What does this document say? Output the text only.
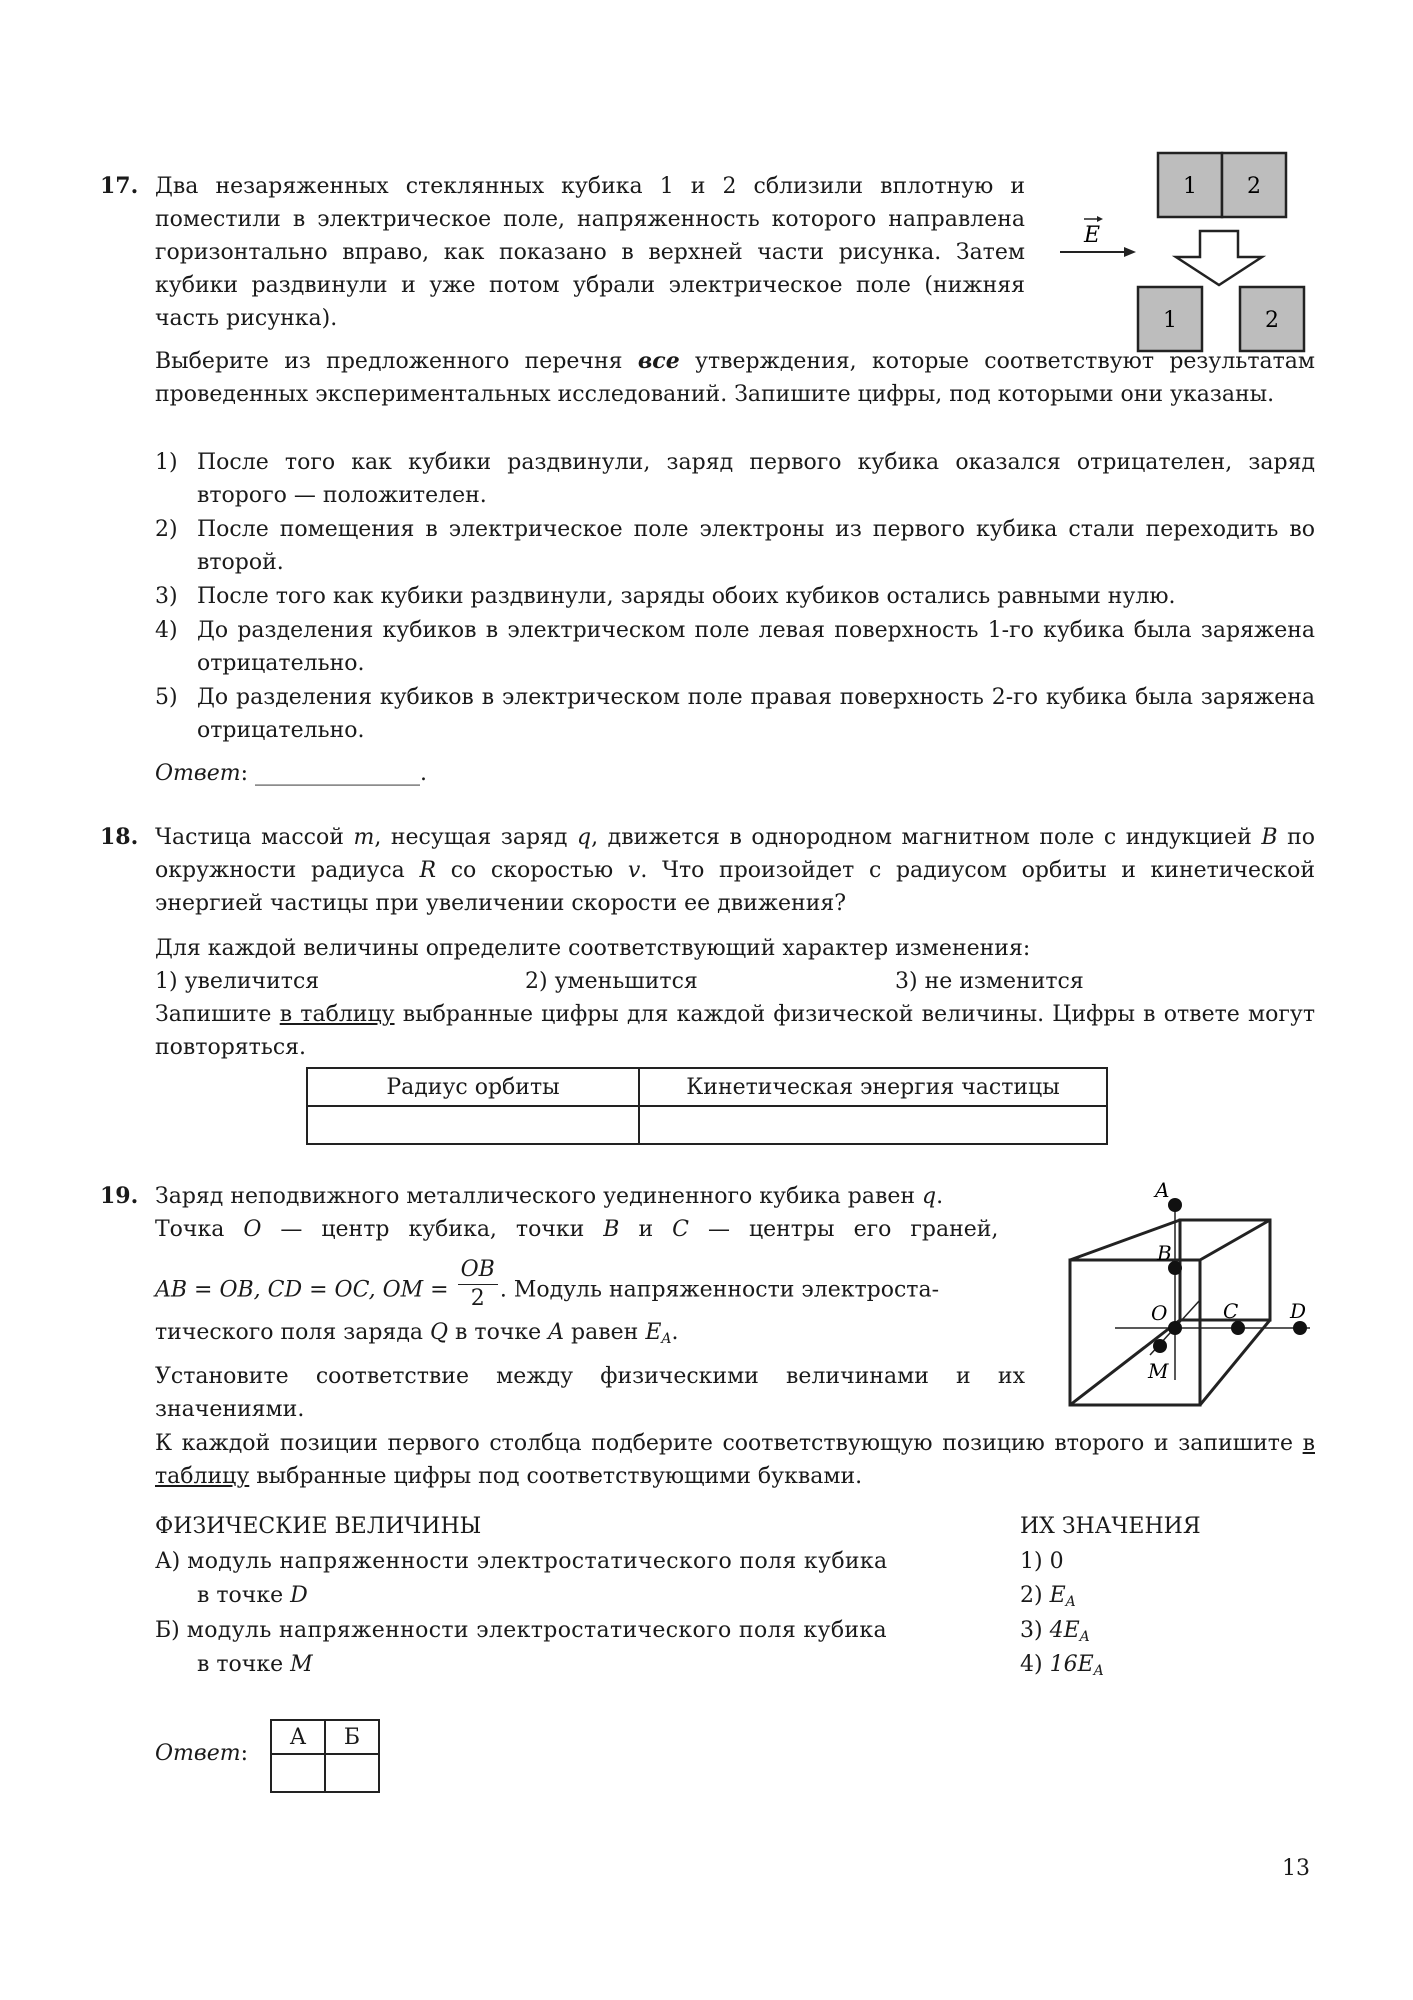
17. Два незаряженных стеклянных кубика 1 и 2 сблизили вплотную и поместили в электрическое поле, напряженность которого направлена горизонтально вправо, как показано в верхней части рисунка. Затем кубики раздвинули и уже потом убрали электрическое поле (нижняя часть рисунка).
1 2
E
1	2
Выберите из предложенного перечня все утверждения, которые соответствуют результатам проведенных экспериментальных исследований. Запишите цифры, под которыми они указаны.
1) После того как кубики раздвинули, заряд первого кубика оказался отрицателен, заряд второго — положителен.
2) После помещения в электрическое поле электроны из первого кубика стали переходить во второй.
3) После того как кубики раздвинули, заряды обоих кубиков остались равными нулю.
4) До разделения кубиков в электрическом поле левая поверхность 1-го кубика была заряжена отрицательно.
5) До разделения кубиков в электрическом поле правая поверхность 2-го кубика была заряжена отрицательно.
Ответ: _______________.
18. Частица массой m, несущая заряд q, движется в однородном магнитном поле с индукцией B по окружности радиуса R со скоростью v. Что произойдет с радиусом орбиты и кинетической энергией частицы при увеличении скорости ее движения?
Для каждой величины определите соответствующий характер изменения:
1) увеличится	2) уменьшится	3) не изменится
Запишите в таблицу выбранные цифры для каждой физической величины. Цифры в ответе могут повторяться.
Радиус орбиты	Кинетическая энергия частицы

19. Заряд неподвижного металлического уединенного кубика равен q.
Точка O — центр кубика, точки B и C — центры его граней,
AB = OB, CD = OC, OM = $\frac{OB}{2}$ . Модуль напряженности электроста-
тического поля заряда Q в точке A равен $E_A$.
Установите соответствие между физическими величинами и их значениями.
К каждой позиции первого столбца подберите соответствующую позицию второго и запишите в таблицу выбранные цифры под соответствующими буквами.
A
B
O	C	D
M
ФИЗИЧЕСКИЕ ВЕЛИЧИНЫ	ИХ ЗНАЧЕНИЯ
А) модуль напряженности электростатического поля кубика
в точке D
Б) модуль напряженности электростатического поля кубика
в точке M
1) 0
2) $E_A$
3) $4E_A$
4) $16E_A$
Ответ:
А	Б

13
